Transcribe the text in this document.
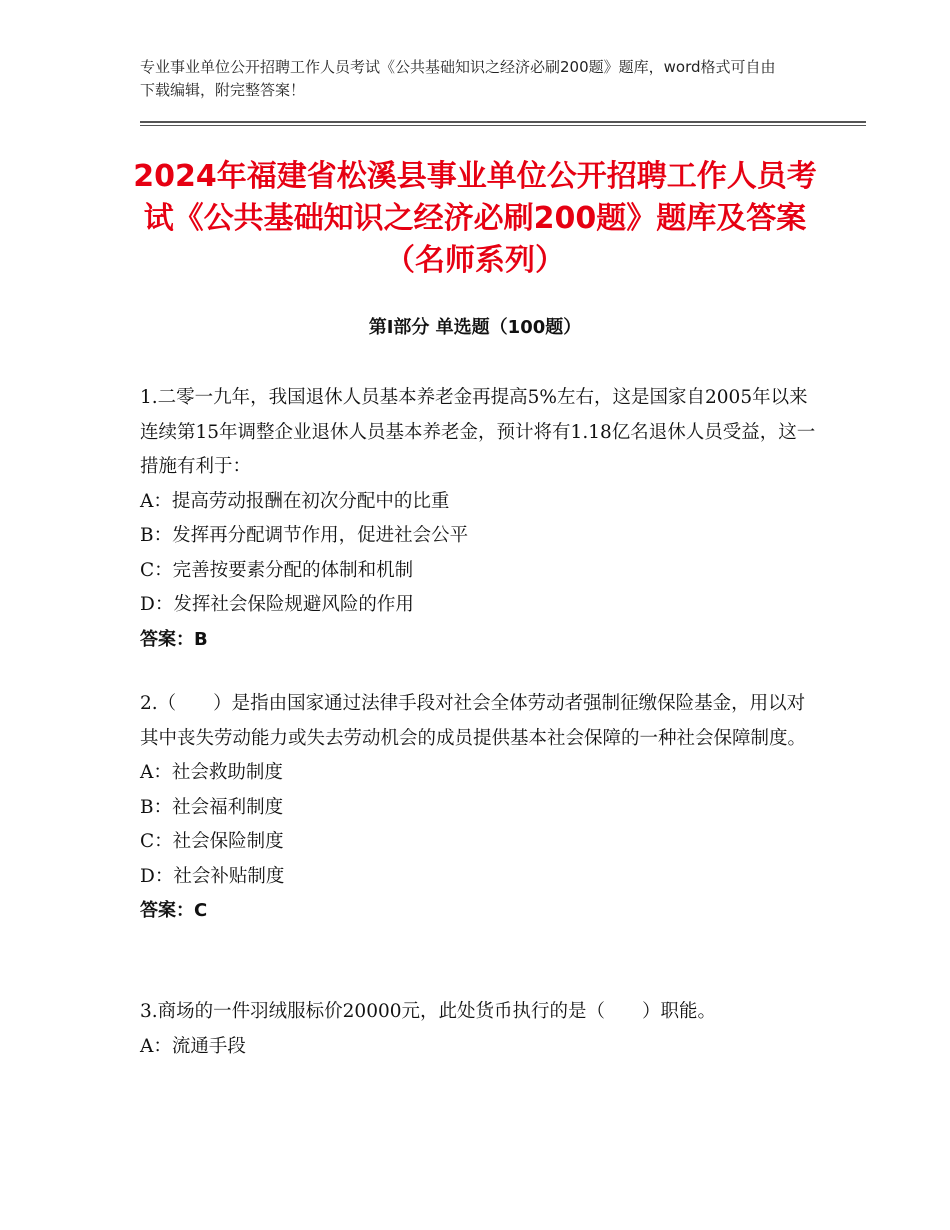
专业事业单位公开招聘工作人员考试《公共基础知识之经济必刷200题》题库，word格式可自由下载编辑，附完整答案！
2024年福建省松溪县事业单位公开招聘工作人员考试《公共基础知识之经济必刷200题》题库及答案（名师系列）
第Ⅰ部分 单选题（100题）

1.二零一九年，我国退休人员基本养老金再提高5%左右，这是国家自2005年以来连续第15年调整企业退休人员基本养老金，预计将有1.18亿名退休人员受益，这一措施有利于：

A：提高劳动报酬在初次分配中的比重

B：发挥再分配调节作用，促进社会公平

C：完善按要素分配的体制和机制

D：发挥社会保险规避风险的作用

答案：B

2.（　　）是指由国家通过法律手段对社会全体劳动者强制征缴保险基金，用以对其中丧失劳动能力或失去劳动机会的成员提供基本社会保障的一种社会保障制度。

A：社会救助制度

B：社会福利制度

C：社会保险制度

D：社会补贴制度

答案：C

3.商场的一件羽绒服标价20000元，此处货币执行的是（　　）职能。

A：流通手段
